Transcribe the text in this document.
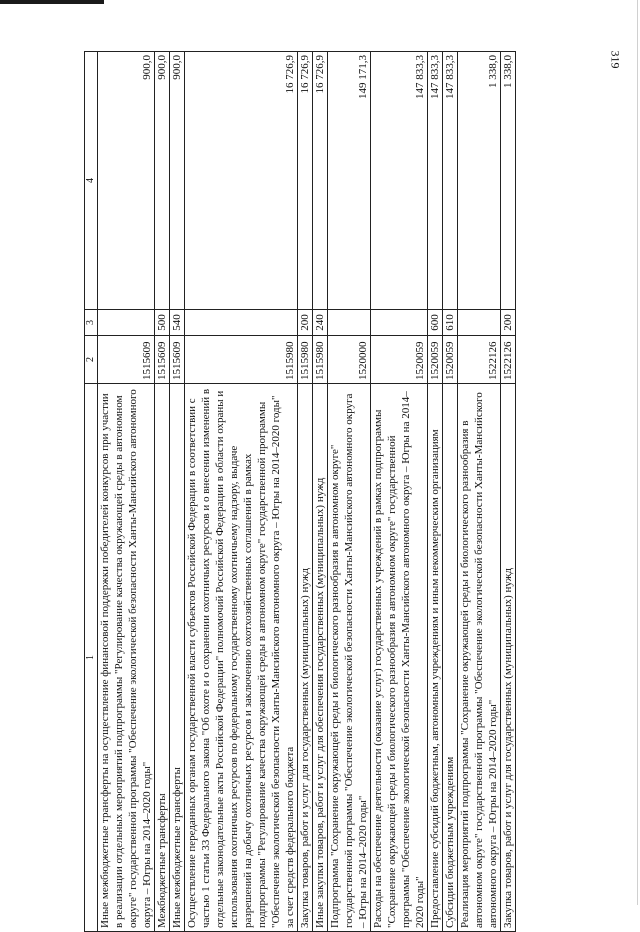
319
1	2	3	4
Иные межбюджетные трансферты на осуществление финансовой поддержки победителей конкурсов при участии в реализации отдельных мероприятий подпрограммы "Регулирование качества окружающей среды в автономном округе" государственной программы "Обеспечение экологической безопасности Ханты-Мансийского автономного округа – Югры на 2014–2020 годы"	1515609		900,0
Межбюджетные трансферты	1515609	500	900,0
Иные межбюджетные трансферты	1515609	540	900,0
Осуществление переданных органам государственной власти субъектов Российской Федерации в соответствии с частью 1 статьи 33 Федерального закона "Об охоте и о сохранении охотничьих ресурсов и о внесении изменений в отдельные законодательные акты Российской Федерации" полномочий Российской Федерации в области охраны и использования охотничьих ресурсов по федеральному государственному охотничьему надзору, выдаче разрешений на добычу охотничьих ресурсов и заключению охотхозяйственных соглашений в рамках подпрограммы "Регулирование качества окружающей среды в автономном округе" государственной программы "Обеспечение экологической безопасности Ханты-Мансийского автономного округа – Югры на 2014–2020 годы" за счет средств федерального бюджета	1515980		16 726,9
Закупка товаров, работ и услуг для государственных (муниципальных) нужд	1515980	200	16 726,9
Иные закупки товаров, работ и услуг для обеспечения государственных (муниципальных) нужд	1515980	240	16 726,9
Подпрограмма "Сохранение окружающей среды и биологического разнообразия в автономном округе" государственной программы "Обеспечение экологической безопасности Ханты-Мансийского автономного округа – Югры на 2014–2020 годы"	1520000		149 171,3
Расходы на обеспечение деятельности (оказание услуг) государственных учреждений в рамках подпрограммы "Сохранение окружающей среды и биологического разнообразия в автономном округе" государственной программы "Обеспечение экологической безопасности Ханты-Мансийского автономного округа – Югры на 2014–2020 годы"	1520059		147 833,3
Предоставление субсидий бюджетным, автономным учреждениям и иным некоммерческим организациям	1520059	600	147 833,3
Субсидии бюджетным учреждениям	1520059	610	147 833,3
Реализация мероприятий подпрограммы "Сохранение окружающей среды и биологического разнообразия в автономном округе" государственной программы "Обеспечение экологической безопасности Ханты-Мансийского автономного округа – Югры на 2014–2020 годы"	1522126		1 338,0
Закупка товаров, работ и услуг для государственных (муниципальных) нужд	1522126	200	1 338,0
